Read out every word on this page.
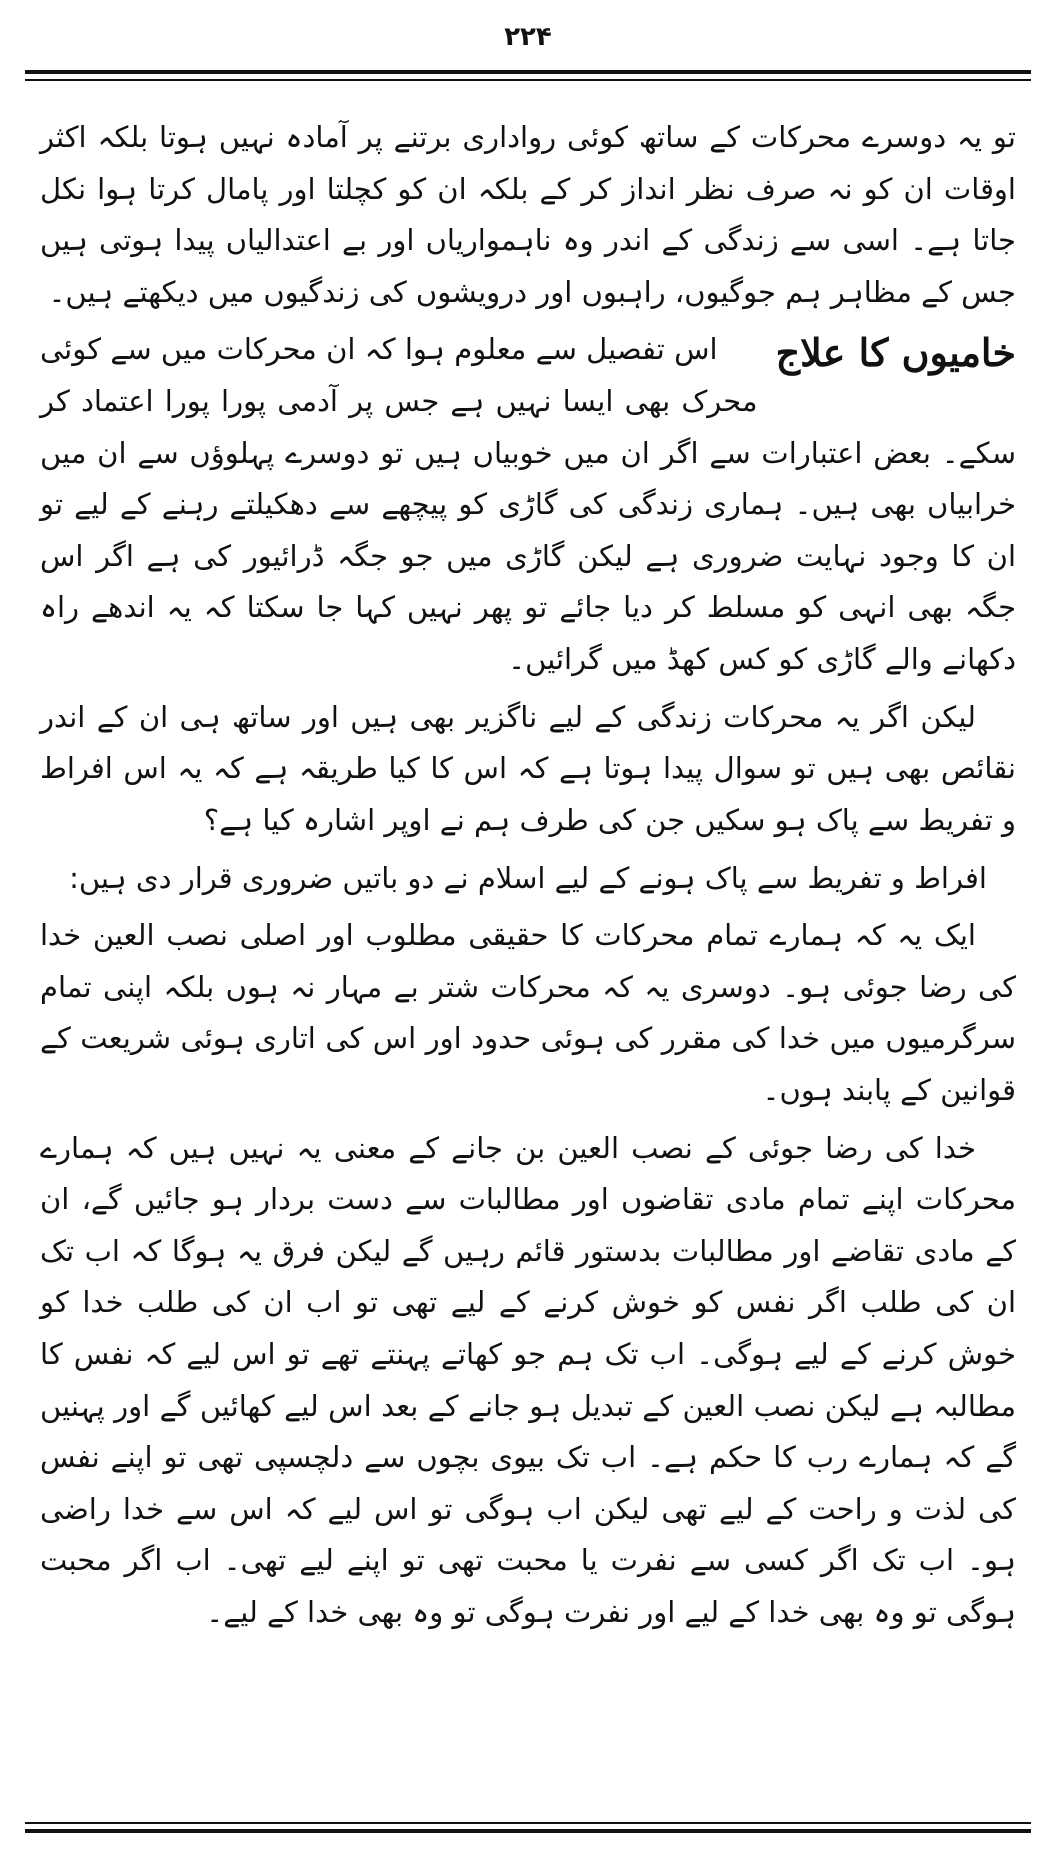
۲۲۴

تو یہ دوسرے محرکات کے ساتھ کوئی رواداری برتنے پر آمادہ نہیں ہوتا بلکہ اکثر اوقات ان کو نہ صرف نظر انداز کر کے بلکہ ان کو کچلتا اور پامال کرتا ہوا نکل جاتا ہے۔ اسی سے زندگی کے اندر وہ ناہمواریاں اور بے اعتدالیاں پیدا ہوتی ہیں جس کے مظاہر ہم جوگیوں، راہبوں اور درویشوں کی زندگیوں میں دیکھتے ہیں۔

خامیوں کا علاج

اس تفصیل سے معلوم ہوا کہ ان محرکات میں سے کوئی محرک بھی ایسا نہیں ہے جس پر آدمی پورا پورا اعتماد کر سکے۔ بعض اعتبارات سے اگر ان میں خوبیاں ہیں تو دوسرے پہلوؤں سے ان میں خرابیاں بھی ہیں۔ ہماری زندگی کی گاڑی کو پیچھے سے دھکیلتے رہنے کے لیے تو ان کا وجود نہایت ضروری ہے لیکن گاڑی میں جو جگہ ڈرائیور کی ہے اگر اس جگہ بھی انہی کو مسلط کر دیا جائے تو پھر نہیں کہا جا سکتا کہ یہ اندھے راہ دکھانے والے گاڑی کو کس کھڈ میں گرائیں۔

لیکن اگر یہ محرکات زندگی کے لیے ناگزیر بھی ہیں اور ساتھ ہی ان کے اندر نقائص بھی ہیں تو سوال پیدا ہوتا ہے کہ اس کا کیا طریقہ ہے کہ یہ اس افراط و تفریط سے پاک ہو سکیں جن کی طرف ہم نے اوپر اشارہ کیا ہے؟

افراط و تفریط سے پاک ہونے کے لیے اسلام نے دو باتیں ضروری قرار دی ہیں:

ایک یہ کہ ہمارے تمام محرکات کا حقیقی مطلوب اور اصلی نصب العین خدا کی رضا جوئی ہو۔ دوسری یہ کہ محرکات شتر بے مہار نہ ہوں بلکہ اپنی تمام سرگرمیوں میں خدا کی مقرر کی ہوئی حدود اور اس کی اتاری ہوئی شریعت کے قوانین کے پابند ہوں۔

خدا کی رضا جوئی کے نصب العین بن جانے کے معنی یہ نہیں ہیں کہ ہمارے محرکات اپنے تمام مادی تقاضوں اور مطالبات سے دست بردار ہو جائیں گے، ان کے مادی تقاضے اور مطالبات بدستور قائم رہیں گے لیکن فرق یہ ہوگا کہ اب تک ان کی طلب اگر نفس کو خوش کرنے کے لیے تھی تو اب ان کی طلب خدا کو خوش کرنے کے لیے ہوگی۔ اب تک ہم جو کھاتے پہنتے تھے تو اس لیے کہ نفس کا مطالبہ ہے لیکن نصب العین کے تبدیل ہو جانے کے بعد اس لیے کھائیں گے اور پہنیں گے کہ ہمارے رب کا حکم ہے۔ اب تک بیوی بچوں سے دلچسپی تھی تو اپنے نفس کی لذت و راحت کے لیے تھی لیکن اب ہوگی تو اس لیے کہ اس سے خدا راضی ہو۔ اب تک اگر کسی سے نفرت یا محبت تھی تو اپنے لیے تھی۔ اب اگر محبت ہوگی تو وہ بھی خدا کے لیے اور نفرت ہوگی تو وہ بھی خدا کے لیے۔
